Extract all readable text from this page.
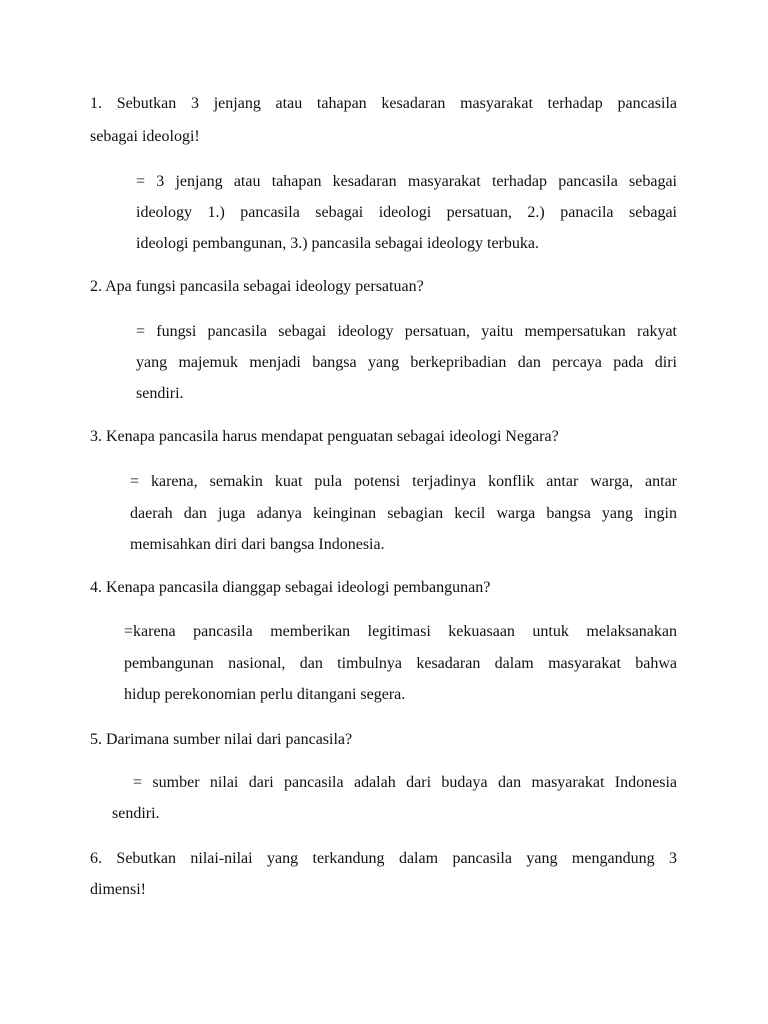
1. Sebutkan 3 jenjang atau tahapan kesadaran masyarakat terhadap pancasila
sebagai ideologi!
= 3 jenjang atau tahapan kesadaran masyarakat terhadap pancasila sebagai
ideology 1.) pancasila sebagai ideologi persatuan, 2.) panacila sebagai
ideologi pembangunan, 3.) pancasila sebagai ideology terbuka.
2. Apa fungsi pancasila sebagai ideology persatuan?
= fungsi pancasila sebagai ideology persatuan, yaitu mempersatukan rakyat
yang majemuk menjadi bangsa yang berkepribadian dan percaya pada diri
sendiri.
3. Kenapa pancasila harus mendapat penguatan sebagai ideologi Negara?
= karena, semakin kuat pula potensi terjadinya konflik antar warga, antar
daerah dan juga adanya keinginan sebagian kecil warga bangsa yang ingin
memisahkan diri dari bangsa Indonesia.
4. Kenapa pancasila dianggap sebagai ideologi pembangunan?
=karena pancasila memberikan legitimasi kekuasaan untuk melaksanakan
pembangunan nasional, dan timbulnya kesadaran dalam masyarakat bahwa
hidup perekonomian perlu ditangani segera.
5. Darimana sumber nilai dari pancasila?
= sumber nilai dari pancasila adalah dari budaya dan masyarakat Indonesia
sendiri.
6. Sebutkan nilai-nilai yang terkandung dalam pancasila yang mengandung 3
dimensi!
